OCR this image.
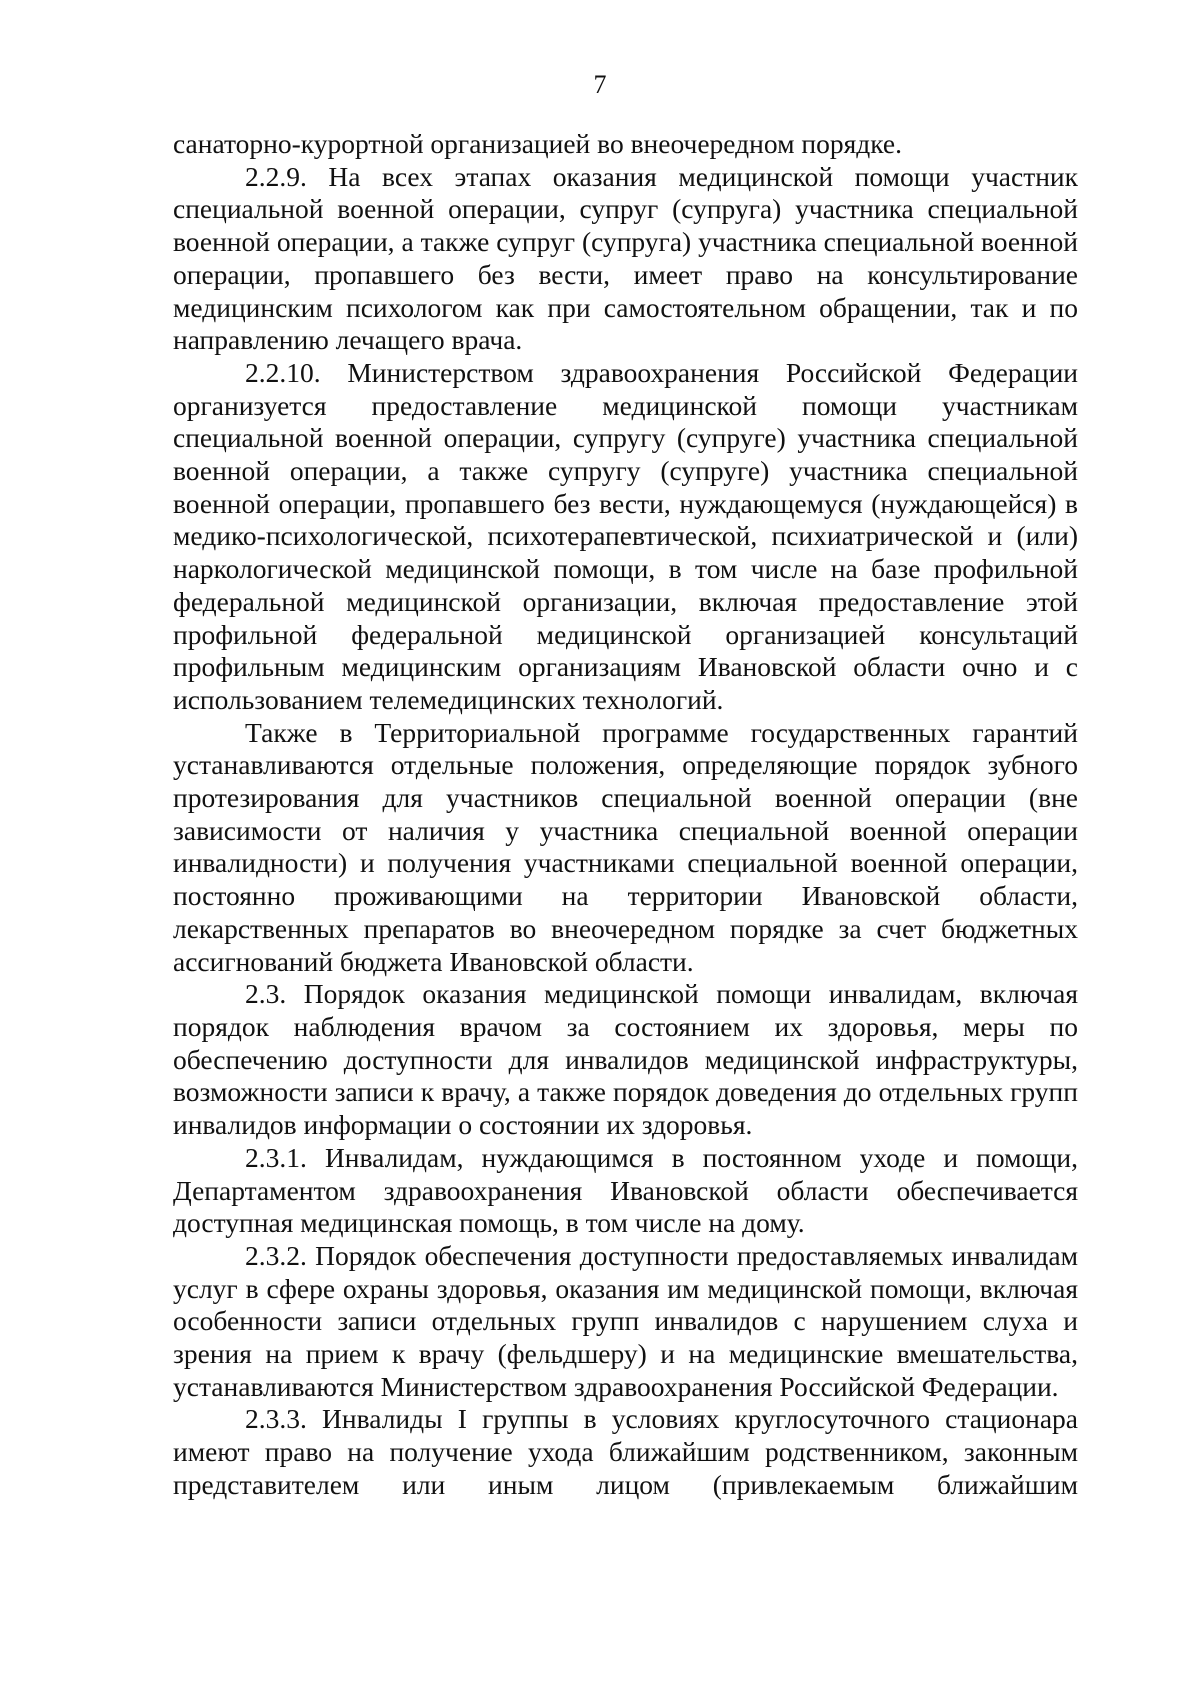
7

санаторно-курортной организацией во внеочередном порядке.

2.2.9. На всех этапах оказания медицинской помощи участник специальной военной операции, супруг (супруга) участника специальной военной операции, а также супруг (супруга) участника специальной военной операции, пропавшего без вести, имеет право на консультирование медицинским психологом как при самостоятельном обращении, так и по направлению лечащего врача.

2.2.10. Министерством здравоохранения Российской Федерации организуется предоставление медицинской помощи участникам специальной военной операции, супругу (супруге) участника специальной военной операции, а также супругу (супруге) участника специальной военной операции, пропавшего без вести, нуждающемуся (нуждающейся) в медико-психологической, психотерапевтической, психиатрической и (или) наркологической медицинской помощи, в том числе на базе профильной федеральной медицинской организации, включая предоставление этой профильной федеральной медицинской организацией консультаций профильным медицинским организациям Ивановской области очно и с использованием телемедицинских технологий.

Также в Территориальной программе государственных гарантий устанавливаются отдельные положения, определяющие порядок зубного протезирования для участников специальной военной операции (вне зависимости от наличия у участника специальной военной операции инвалидности) и получения участниками специальной военной операции, постоянно проживающими на территории Ивановской области, лекарственных препаратов во внеочередном порядке за счет бюджетных ассигнований бюджета Ивановской области.

2.3. Порядок оказания медицинской помощи инвалидам, включая порядок наблюдения врачом за состоянием их здоровья, меры по обеспечению доступности для инвалидов медицинской инфраструктуры, возможности записи к врачу, а также порядок доведения до отдельных групп инвалидов информации о состоянии их здоровья.

2.3.1. Инвалидам, нуждающимся в постоянном уходе и помощи, Департаментом здравоохранения Ивановской области обеспечивается доступная медицинская помощь, в том числе на дому.

2.3.2. Порядок обеспечения доступности предоставляемых инвалидам услуг в сфере охраны здоровья, оказания им медицинской помощи, включая особенности записи отдельных групп инвалидов с нарушением слуха и зрения на прием к врачу (фельдшеру) и на медицинские вмешательства, устанавливаются Министерством здравоохранения Российской Федерации.

2.3.3. Инвалиды I группы в условиях круглосуточного стационара имеют право на получение ухода ближайшим родственником, законным представителем или иным лицом (привлекаемым ближайшим
